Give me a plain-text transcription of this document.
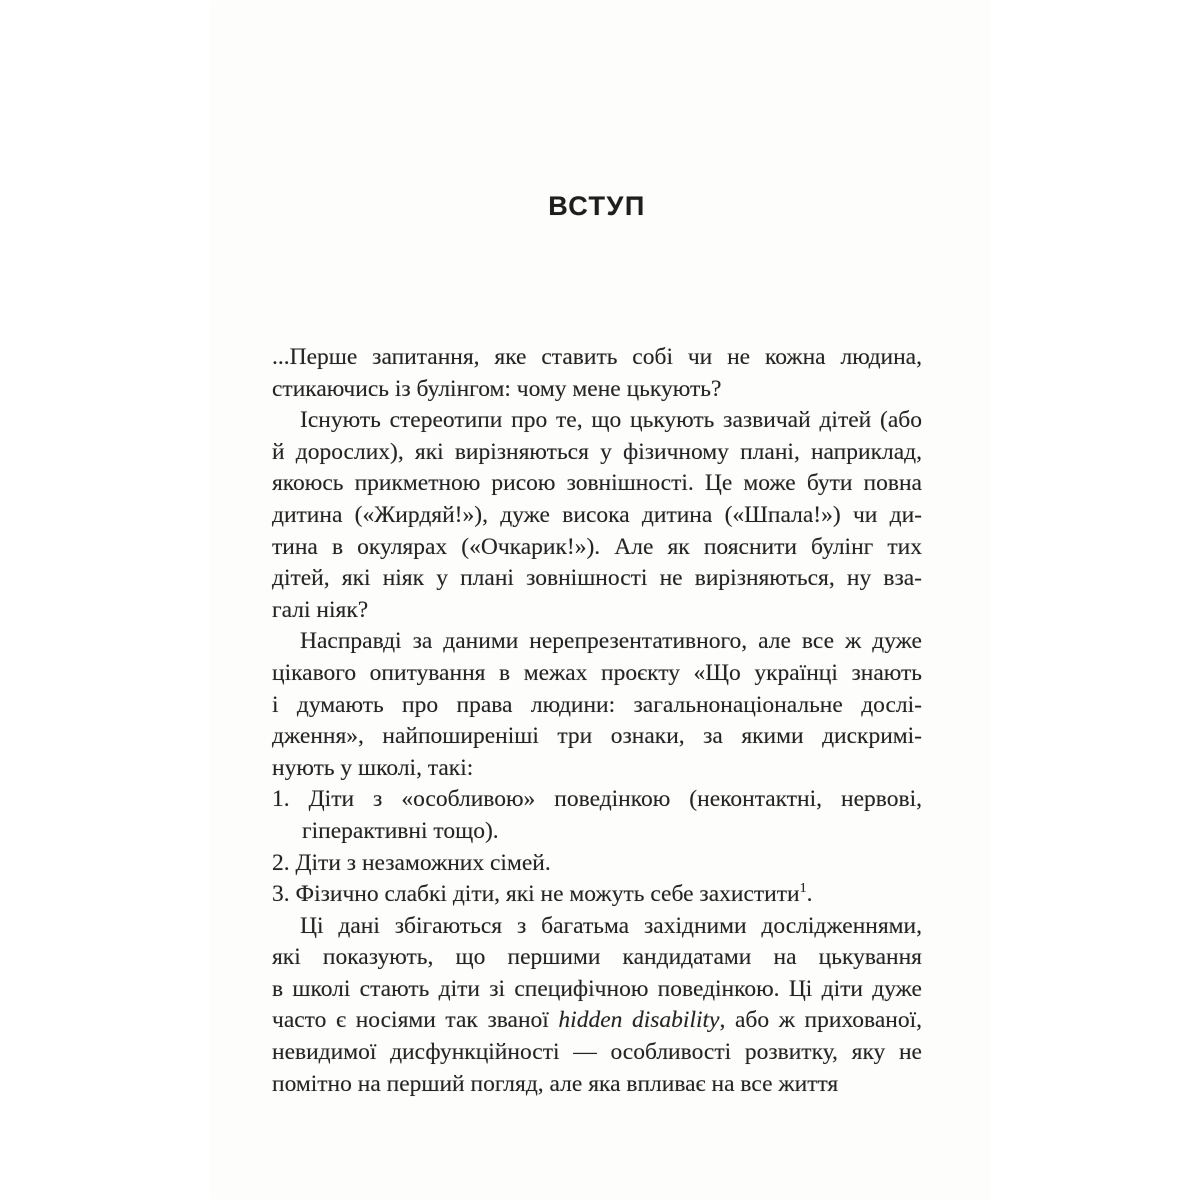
ВСТУП
...Перше запитання, яке ставить собі чи не кожна людина,
стикаючись із булінгом: чому мене цькують?
Існують стереотипи про те, що цькують зазвичай дітей (або
й дорослих), які вирізняються у фізичному плані, наприклад,
якоюсь прикметною рисою зовнішності. Це може бути повна
дитина («Жирдяй!»), дуже висока дитина («Шпала!») чи ди-
тина в окулярах («Очкарик!»). Але як пояснити булінг тих
дітей, які ніяк у плані зовнішності не вирізняються, ну вза-
галі ніяк?
Насправді за даними нерепрезентативного, але все ж дуже
цікавого опитування в межах проєкту «Що українці знають
і думають про права людини: загальнонаціональне дослі-
дження», найпоширеніші три ознаки, за якими дискримі-
нують у школі, такі:
1. Діти з «особливою» поведінкою (неконтактні, нервові,
гіперактивні тощо).
2. Діти з незаможних сімей.
3. Фізично слабкі діти, які не можуть себе захистити$^1$.
Ці дані збігаються з багатьма західними дослідженнями,
які показують, що першими кандидатами на цькування
в школі стають діти зі специфічною поведінкою. Ці діти дуже
часто є носіями так званої hidden disability, або ж прихованої,
невидимої дисфункційності — особливості розвитку, яку не
помітно на перший погляд, але яка впливає на все життя
